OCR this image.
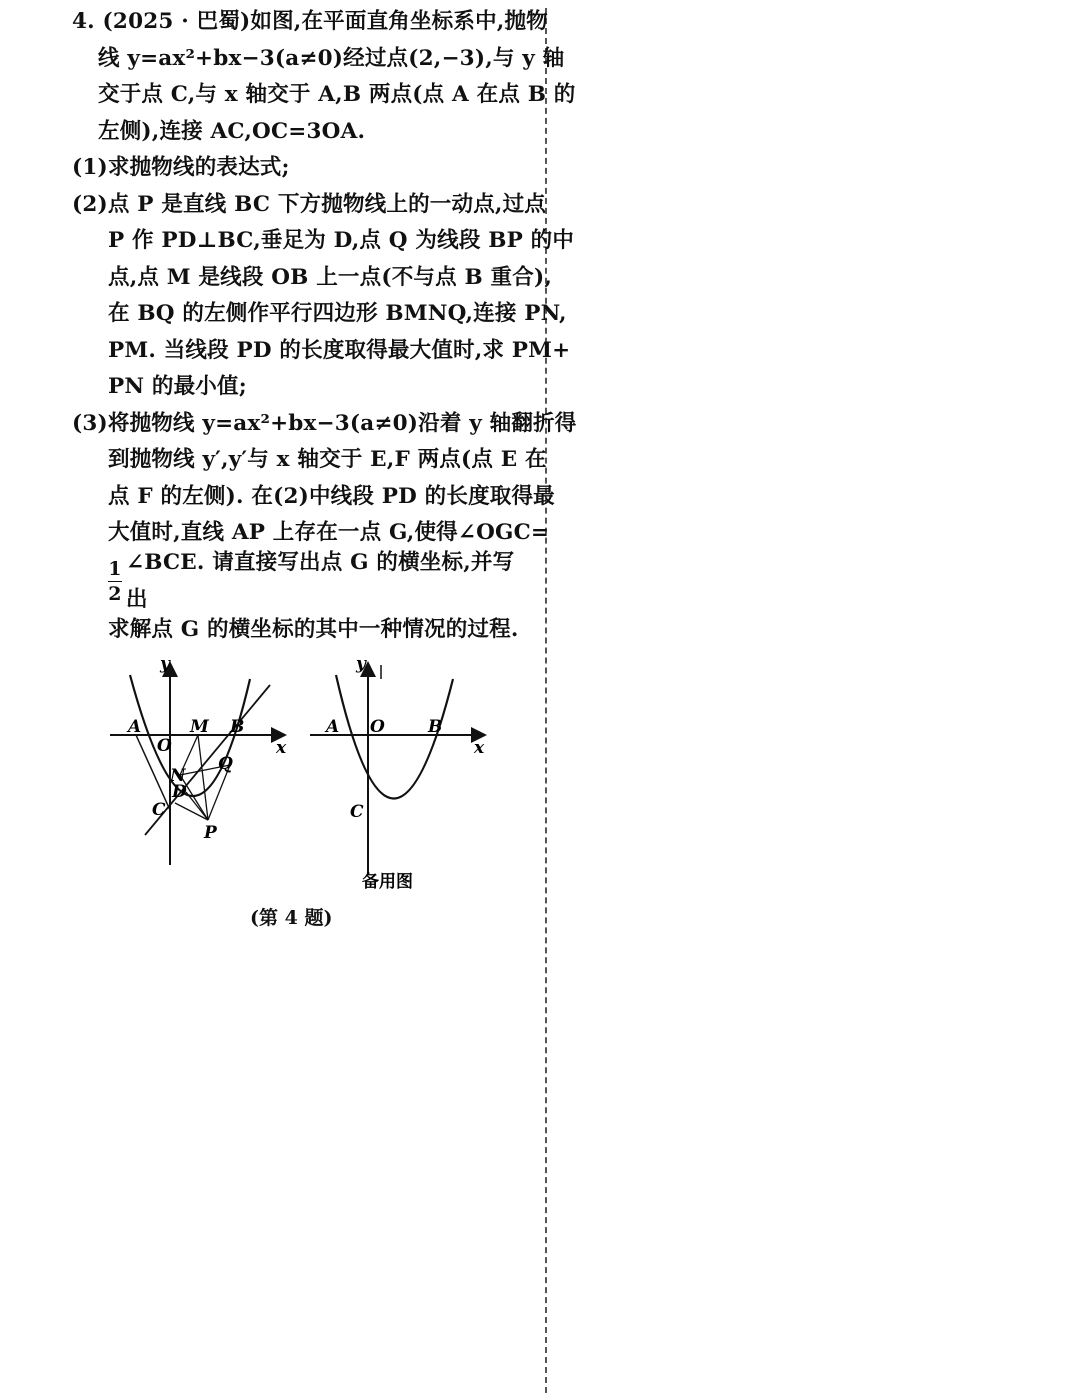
4. (2025 · 巴蜀)如图,在平面直角坐标系中,抛物
线 y=ax²+bx−3(a≠0)经过点(2,−3),与 y 轴
交于点 C,与 x 轴交于 A,B 两点(点 A 在点 B 的
左侧),连接 AC,OC=3OA.
(1)求抛物线的表达式;
(2)点 P 是直线 BC 下方抛物线上的一动点,过点
P 作 PD⊥BC,垂足为 D,点 Q 为线段 BP 的中
点,点 M 是线段 OB 上一点(不与点 B 重合),
在 BQ 的左侧作平行四边形 BMNQ,连接 PN,
PM. 当线段 PD 的长度取得最大值时,求 PM+
PN 的最小值;
(3)将抛物线 y=ax²+bx−3(a≠0)沿着 y 轴翻折得
到抛物线 y′,y′与 x 轴交于 E,F 两点(点 E 在
点 F 的左侧). 在(2)中线段 PD 的长度取得最
大值时,直线 AP 上存在一点 G,使得∠OGC=
$\frac{1}{2}$ ∠BCE. 请直接写出点 G 的横坐标,并写出
求解点 G 的横坐标的其中一种情况的过程.
y
x
A
O
M B
N
Q
D
C
P
y
x
A O	B
C
备用图
(第 4 题)
